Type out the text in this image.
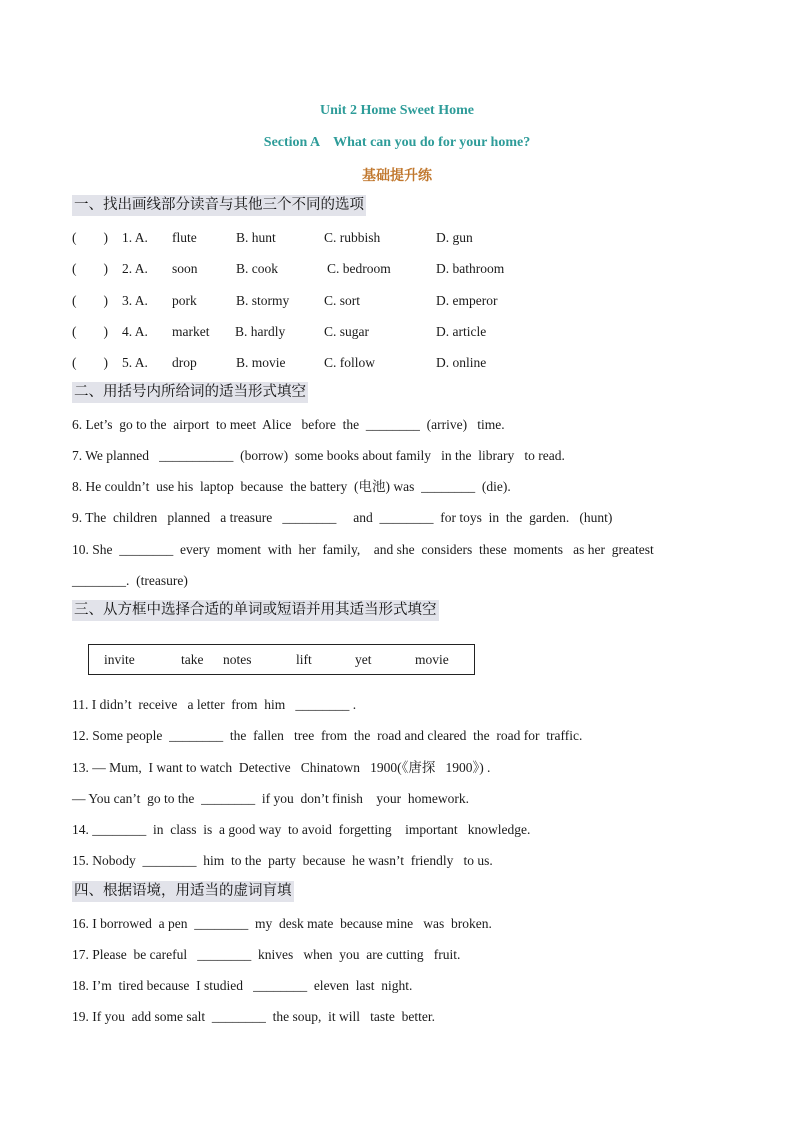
Unit 2 Home Sweet Home
Section A    What can you do for your home?
基础提升练
一、找出画线部分读音与其他三个不同的选项
(        ) 1. A. flute	B. hunt	C. rubbish	D. gun
(        ) 2. A. soon	B. cook	C. bedroom	D. bathroom
(        ) 3. A. pork	B. stormy	C. sort	D. emperor
(        ) 4. A. market B. hardly	C. sugar	D. article
(        ) 5. A. drop	B. movie	C. follow	D. online
二、用括号内所给词的适当形式填空
6. Let’s  go to the  airport  to meet  Alice   before  the  ________  (arrive)   time.
7. We planned   ___________  (borrow)  some books about family   in the  library   to read.
8. He couldn’t  use his  laptop  because  the battery  (电池) was  ________  (die).
9. The  children   planned   a treasure   ________     and  ________  for toys  in  the  garden.   (hunt)
10. She  ________  every  moment  with  her  family,    and she  considers  these  moments   as her  greatest
________.  (treasure)
三、从方框中选择合适的单词或短语并用其适当形式填空
invite	take notes	lift	yet	movie
11. I didn’t  receive   a letter  from  him   ________ .
12. Some people  ________  the  fallen   tree  from  the  road and cleared  the  road for  traffic.
13. — Mum,  I want to watch  Detective   Chinatown   1900(《唐探   1900》) .
— You can’t  go to the  ________  if you  don’t finish    your  homework.
14. ________  in  class  is  a good way  to avoid  forgetting    important   knowledge.
15. Nobody  ________  him  to the  party  because  he wasn’t  friendly   to us.
四、根据语境，用适当的虚词肓填
16. I borrowed  a pen  ________  my  desk mate  because mine   was  broken.
17. Please  be careful   ________  knives   when  you  are cutting   fruit.
18. I’m  tired because  I studied   ________  eleven  last  night.
19. If you  add some salt  ________  the soup,  it will   taste  better.
